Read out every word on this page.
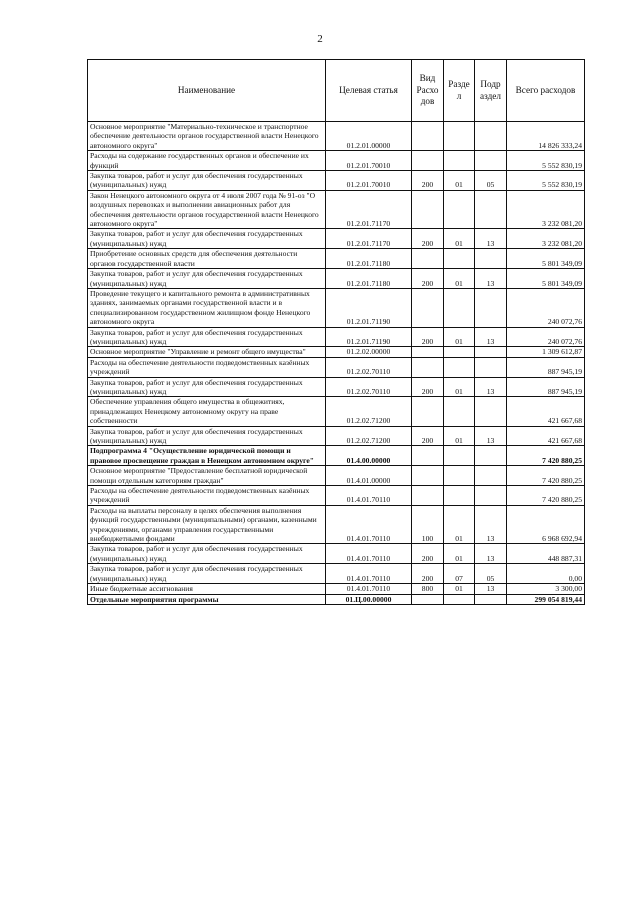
2
Наименование	Целевая статья	Вид Расхо дов	Разде л	Подр аздел	Всего расходов
Основное мероприятие "Материально-техническое и транспортное обеспечение деятельности органов государственной власти Ненецкого автономного округа"	01.2.01.00000				14 826 333,24
Расходы на содержание государственных органов и обеспечение их функций	01.2.01.70010				5 552 830,19
Закупка товаров, работ и услуг для обеспечения государственных (муниципальных) нужд	01.2.01.70010	200	01	05	5 552 830,19
Закон Ненецкого автономного округа от 4 июля 2007 года № 91-оз "О воздушных перевозках и выполнении авиационных работ для обеспечения деятельности органов государственной власти Ненецкого автономного округа"	01.2.01.71170				3 232 081,20
Закупка товаров, работ и услуг для обеспечения государственных (муниципальных) нужд	01.2.01.71170	200	01	13	3 232 081,20
Приобретение основных средств для обеспечения деятельности органов государственной власти	01.2.01.71180				5 801 349,09
Закупка товаров, работ и услуг для обеспечения государственных (муниципальных) нужд	01.2.01.71180	200	01	13	5 801 349,09
Проведение текущего и капитального ремонта в административных зданиях, занимаемых органами государственной власти и в специализированном государственном жилищном фонде Ненецкого автономного округа	01.2.01.71190				240 072,76
Закупка товаров, работ и услуг для обеспечения государственных (муниципальных) нужд	01.2.01.71190	200	01	13	240 072,76
Основное мероприятие "Управление и ремонт общего имущества"	01.2.02.00000				1 309 612,87
Расходы на обеспечение деятельности подведомственных казённых учреждений	01.2.02.70110				887 945,19
Закупка товаров, работ и услуг для обеспечения государственных (муниципальных) нужд	01.2.02.70110	200	01	13	887 945,19
Обеспечение управления общего имущества в общежитиях, принадлежащих Ненецкому автономному округу на праве собственности	01.2.02.71200				421 667,68
Закупка товаров, работ и услуг для обеспечения государственных (муниципальных) нужд	01.2.02.71200	200	01	13	421 667,68
Подпрограмма 4 "Осуществление юридической помощи и правовое просвещение граждан в Ненецком автономном округе"	01.4.00.00000				7 420 880,25
Основное мероприятие "Предоставление бесплатной юридической помощи отдельным категориям граждан"	01.4.01.00000				7 420 880,25
Расходы на обеспечение деятельности подведомственных казённых учреждений	01.4.01.70110				7 420 880,25
Расходы на выплаты персоналу в целях обеспечения выполнения функций государственными (муниципальными) органами, казенными учреждениями, органами управления государственными внебюджетными фондами	01.4.01.70110	100	01	13	6 968 692,94
Закупка товаров, работ и услуг для обеспечения государственных (муниципальных) нужд	01.4.01.70110	200	01	13	448 887,31
Закупка товаров, работ и услуг для обеспечения государственных (муниципальных) нужд	01.4.01.70110	200	07	05	0,00
Иные бюджетные ассигнования	01.4.01.70110	800	01	13	3 300,00
Отдельные мероприятия программы	01.Ц.00.00000				299 054 819,44
